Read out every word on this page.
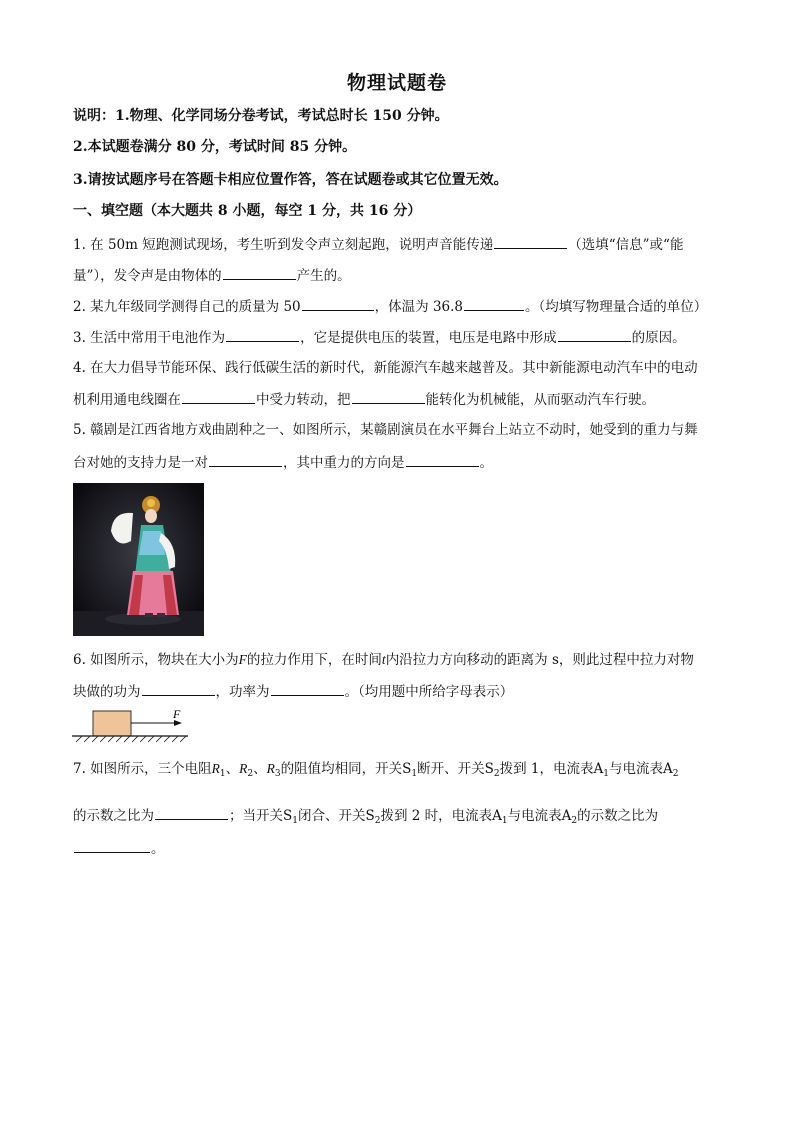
物理试题卷
说明：1.物理、化学同场分卷考试，考试总时长 150 分钟。
2.本试题卷满分 80 分，考试时间 85 分钟。
3.请按试题序号在答题卡相应位置作答，答在试题卷或其它位置无效。
一、填空题（本大题共 8 小题，每空 1 分，共 16 分）
1. 在 50m 短跑测试现场，考生听到发令声立刻起跑，说明声音能传递	（选填“信息”或“能
量”），发令声是由物体的	产生的。
2. 某九年级同学测得自己的质量为 50	，体温为 36.8	。（均填写物理量合适的单位）
3. 生活中常用干电池作为	，它是提供电压的装置，电压是电路中形成	的原因。
4. 在大力倡导节能环保、践行低碳生活的新时代，新能源汽车越来越普及。其中新能源电动汽车中的电动
机利用通电线圈在	中受力转动，把	能转化为机械能，从而驱动汽车行驶。
5. 赣剧是江西省地方戏曲剧种之一、如图所示，某赣剧演员在水平舞台上站立不动时，她受到的重力与舞
台对她的支持力是一对	，其中重力的方向是	。
6. 如图所示，物块在大小为F的拉力作用下，在时间t内沿拉力方向移动的距离为 s，则此过程中拉力对物
块做的功为	，功率为	。（均用题中所给字母表示）
F
7. 如图所示，三个电阻$R_1$、$R_2$、$R_3$的阻值均相同，开关$S_1$断开、开关$S_2$拨到 1，电流表$A_1$与电流表$A_2$
的示数之比为	；当开关$S_1$闭合、开关$S_2$拨到 2 时，电流表$A_1$与电流表$A_2$的示数之比为
。
